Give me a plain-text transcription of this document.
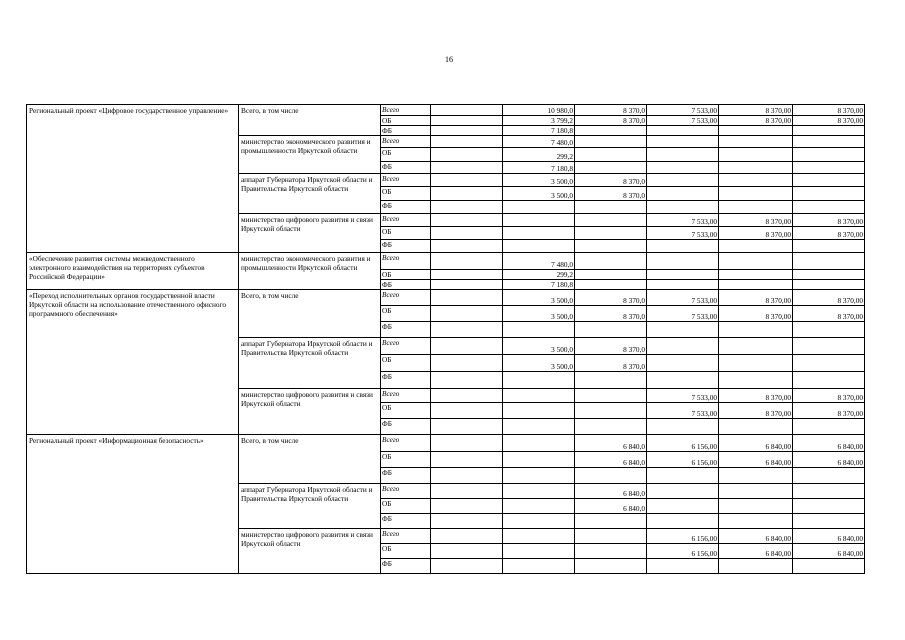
16
Региональный проект «Цифровое государственное управление»	Всего, в том числе	Всего		10 980,0	8 370,0	7 533,00	8 370,00	8 370,00
		ОБ		3 799,2	8 370,0	7 533,00	8 370,00	8 370,00
		ФБ		7 180,8				
	министерство экономического развития и промышленности Иркутской области	Всего		7 480,0				
		ОБ		299,2				
		ФБ		7 180,8				
	аппарат Губернатора Иркутской области и Правительства Иркутской области	Всего		3 500,0	8 370,0			
		ОБ		3 500,0	8 370,0			
		ФБ						
	министерство цифрового развития и связи Иркутской области	Всего				7 533,00	8 370,00	8 370,00
		ОБ				7 533,00	8 370,00	8 370,00
		ФБ						
«Обеспечение развития системы межведомственного электронного взаимодействия на территориях субъектов Российской Федерации»	министерство экономического развития и промышленности Иркутской области	Всего		7 480,0				
		ОБ		299,2				
		ФБ		7 180,8				
«Переход исполнительных органов государственной власти Иркутской области на использование отечественного офисного программного обеспечения»	Всего, в том числе	Всего		3 500,0	8 370,0	7 533,00	8 370,00	8 370,00
		ОБ		3 500,0	8 370,0	7 533,00	8 370,00	8 370,00
		ФБ						
	аппарат Губернатора Иркутской области и Правительства Иркутской области	Всего		3 500,0	8 370,0			
		ОБ		3 500,0	8 370,0			
		ФБ						
	министерство цифрового развития и связи Иркутской области	Всего				7 533,00	8 370,00	8 370,00
		ОБ				7 533,00	8 370,00	8 370,00
		ФБ						
Региональный проект «Информационная безопасность»	Всего, в том числе	Всего			6 840,0	6 156,00	6 840,00	6 840,00
		ОБ			6 840,0	6 156,00	6 840,00	6 840,00
		ФБ						
	аппарат Губернатора Иркутской области и Правительства Иркутской области	Всего			6 840,0			
		ОБ			6 840,0			
		ФБ						
	министерство цифрового развития и связи Иркутской области	Всего				6 156,00	6 840,00	6 840,00
		ОБ				6 156,00	6 840,00	6 840,00
		ФБ						
